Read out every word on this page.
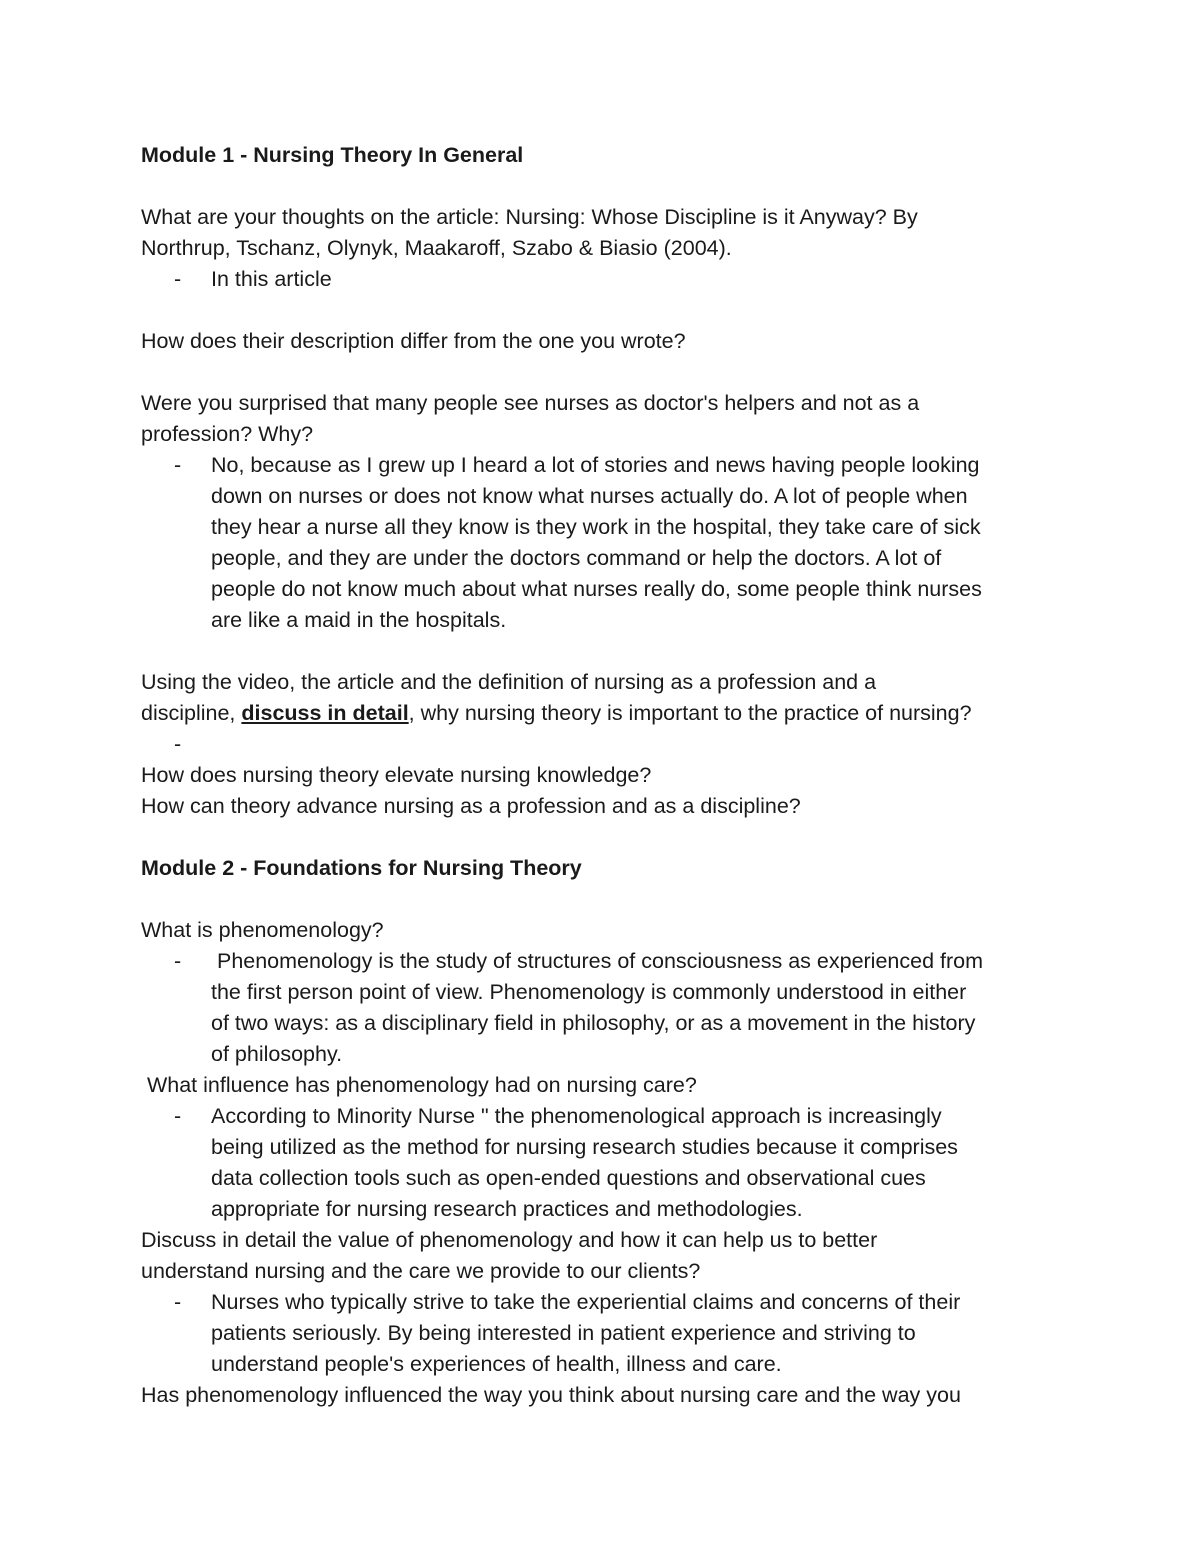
Module 1 - Nursing Theory In General

What are your thoughts on the article: Nursing: Whose Discipline is it Anyway? By

Northrup, Tschanz, Olynyk, Maakaroff, Szabo & Biasio (2004).

- In this article

How does their description differ from the one you wrote?

Were you surprised that many people see nurses as doctor's helpers and not as a

profession? Why?

- No, because as I grew up I heard a lot of stories and news having people looking
down on nurses or does not know what nurses actually do. A lot of people when
they hear a nurse all they know is they work in the hospital, they take care of sick
people, and they are under the doctors command or help the doctors. A lot of
people do not know much about what nurses really do, some people think nurses
are like a maid in the hospitals.

Using the video, the article and the definition of nursing as a profession and a

discipline, discuss in detail, why nursing theory is important to the practice of nursing?

-

How does nursing theory elevate nursing knowledge?

How can theory advance nursing as a profession and as a discipline?

Module 2 - Foundations for Nursing Theory

What is phenomenology?

- Phenomenology is the study of structures of consciousness as experienced from
the first person point of view. Phenomenology is commonly understood in either
of two ways: as a disciplinary field in philosophy, or as a movement in the history
of philosophy.

What influence has phenomenology had on nursing care?

- According to Minority Nurse " the phenomenological approach is increasingly
being utilized as the method for nursing research studies because it comprises
data collection tools such as open-ended questions and observational cues
appropriate for nursing research practices and methodologies.

Discuss in detail the value of phenomenology and how it can help us to better

understand nursing and the care we provide to our clients?

- Nurses who typically strive to take the experiential claims and concerns of their
patients seriously. By being interested in patient experience and striving to
understand people's experiences of health, illness and care.

Has phenomenology influenced the way you think about nursing care and the way you
